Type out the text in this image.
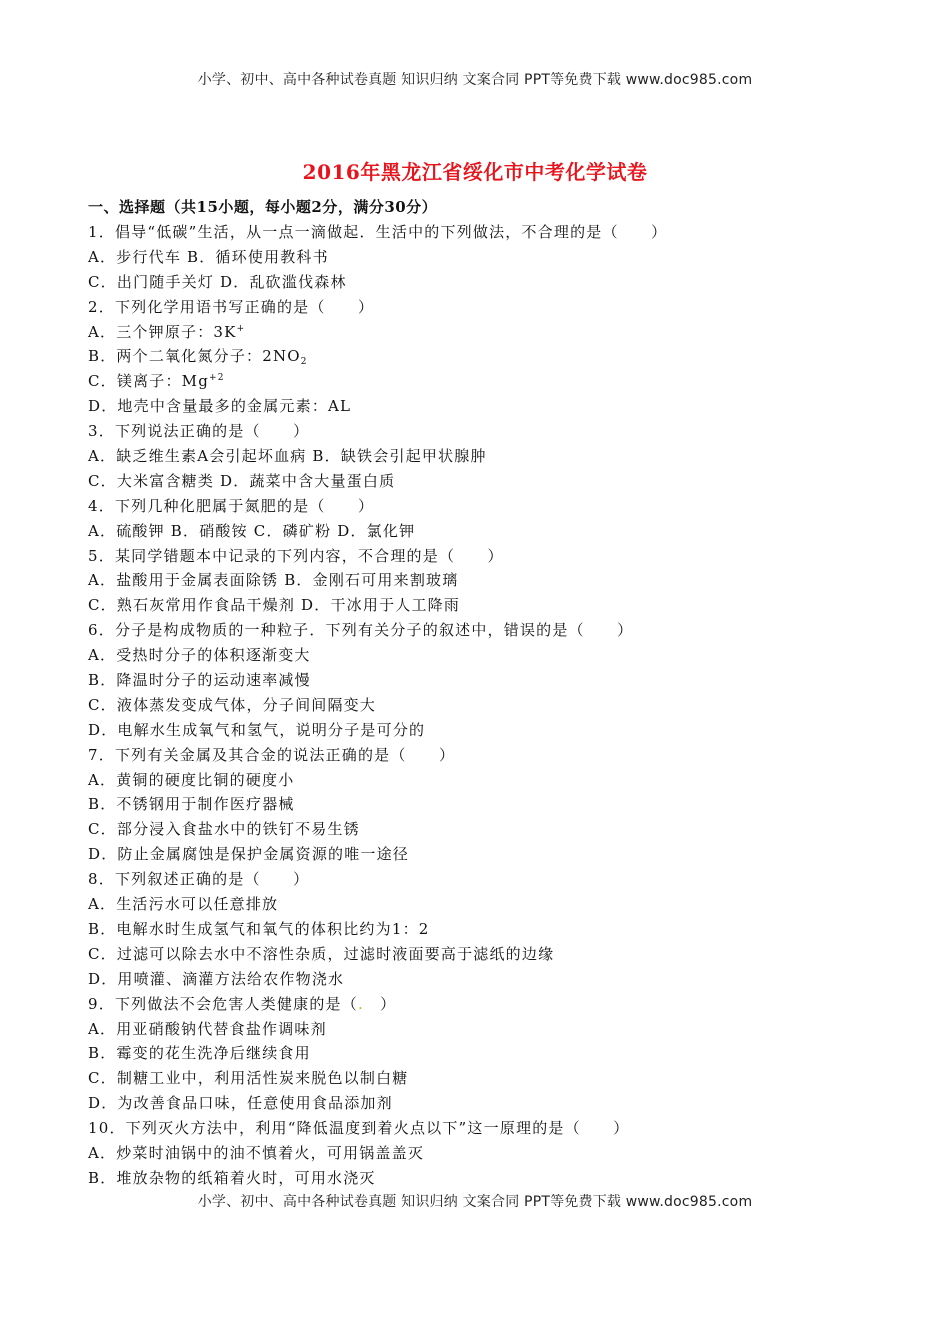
小学、初中、高中各种试卷真题 知识归纳 文案合同 PPT等免费下载 www.doc985.com
2016年黑龙江省绥化市中考化学试卷
一、选择题（共15小题，每小题2分，满分30分）
1．倡导“低碳”生活，从一点一滴做起．生活中的下列做法，不合理的是（　　）
A．步行代车 B．循环使用教科书
C．出门随手关灯 D．乱砍滥伐森林
2．下列化学用语书写正确的是（　　）
A．三个钾原子：3K+
B．两个二氧化氮分子：$2NO_2$
C．镁离子：$Mg^{+2}$
D．地壳中含量最多的金属元素：AL
3．下列说法正确的是（　　）
A．缺乏维生素A会引起坏血病 B．缺铁会引起甲状腺肿
C．大米富含糖类 D．蔬菜中含大量蛋白质
4．下列几种化肥属于氮肥的是（　　）
A．硫酸钾 B．硝酸铵 C．磷矿粉 D．氯化钾
5．某同学错题本中记录的下列内容，不合理的是（　　）
A．盐酸用于金属表面除锈 B．金刚石可用来割玻璃
C．熟石灰常用作食品干燥剂 D．干冰用于人工降雨
6．分子是构成物质的一种粒子．下列有关分子的叙述中，错误的是（　　）
A．受热时分子的体积逐渐变大
B．降温时分子的运动速率减慢
C．液体蒸发变成气体，分子间间隔变大
D．电解水生成氧气和氢气，说明分子是可分的
7．下列有关金属及其合金的说法正确的是（　　）
A．黄铜的硬度比铜的硬度小
B．不锈钢用于制作医疗器械
C．部分浸入食盐水中的铁钉不易生锈
D．防止金属腐蚀是保护金属资源的唯一途径
8．下列叙述正确的是（　　）
A．生活污水可以任意排放
B．电解水时生成氢气和氧气的体积比约为1：2
C．过滤可以除去水中不溶性杂质，过滤时液面要高于滤纸的边缘
D．用喷灌、滴灌方法给农作物浇水
9．下列做法不会危害人类健康的是（.　）
A．用亚硝酸钠代替食盐作调味剂
B．霉变的花生洗净后继续食用
C．制糖工业中，利用活性炭来脱色以制白糖
D．为改善食品口味，任意使用食品添加剂
10．下列灭火方法中，利用“降低温度到着火点以下”这一原理的是（　　）
A．炒菜时油锅中的油不慎着火，可用锅盖盖灭
B．堆放杂物的纸箱着火时，可用水浇灭
小学、初中、高中各种试卷真题 知识归纳 文案合同 PPT等免费下载 www.doc985.com
